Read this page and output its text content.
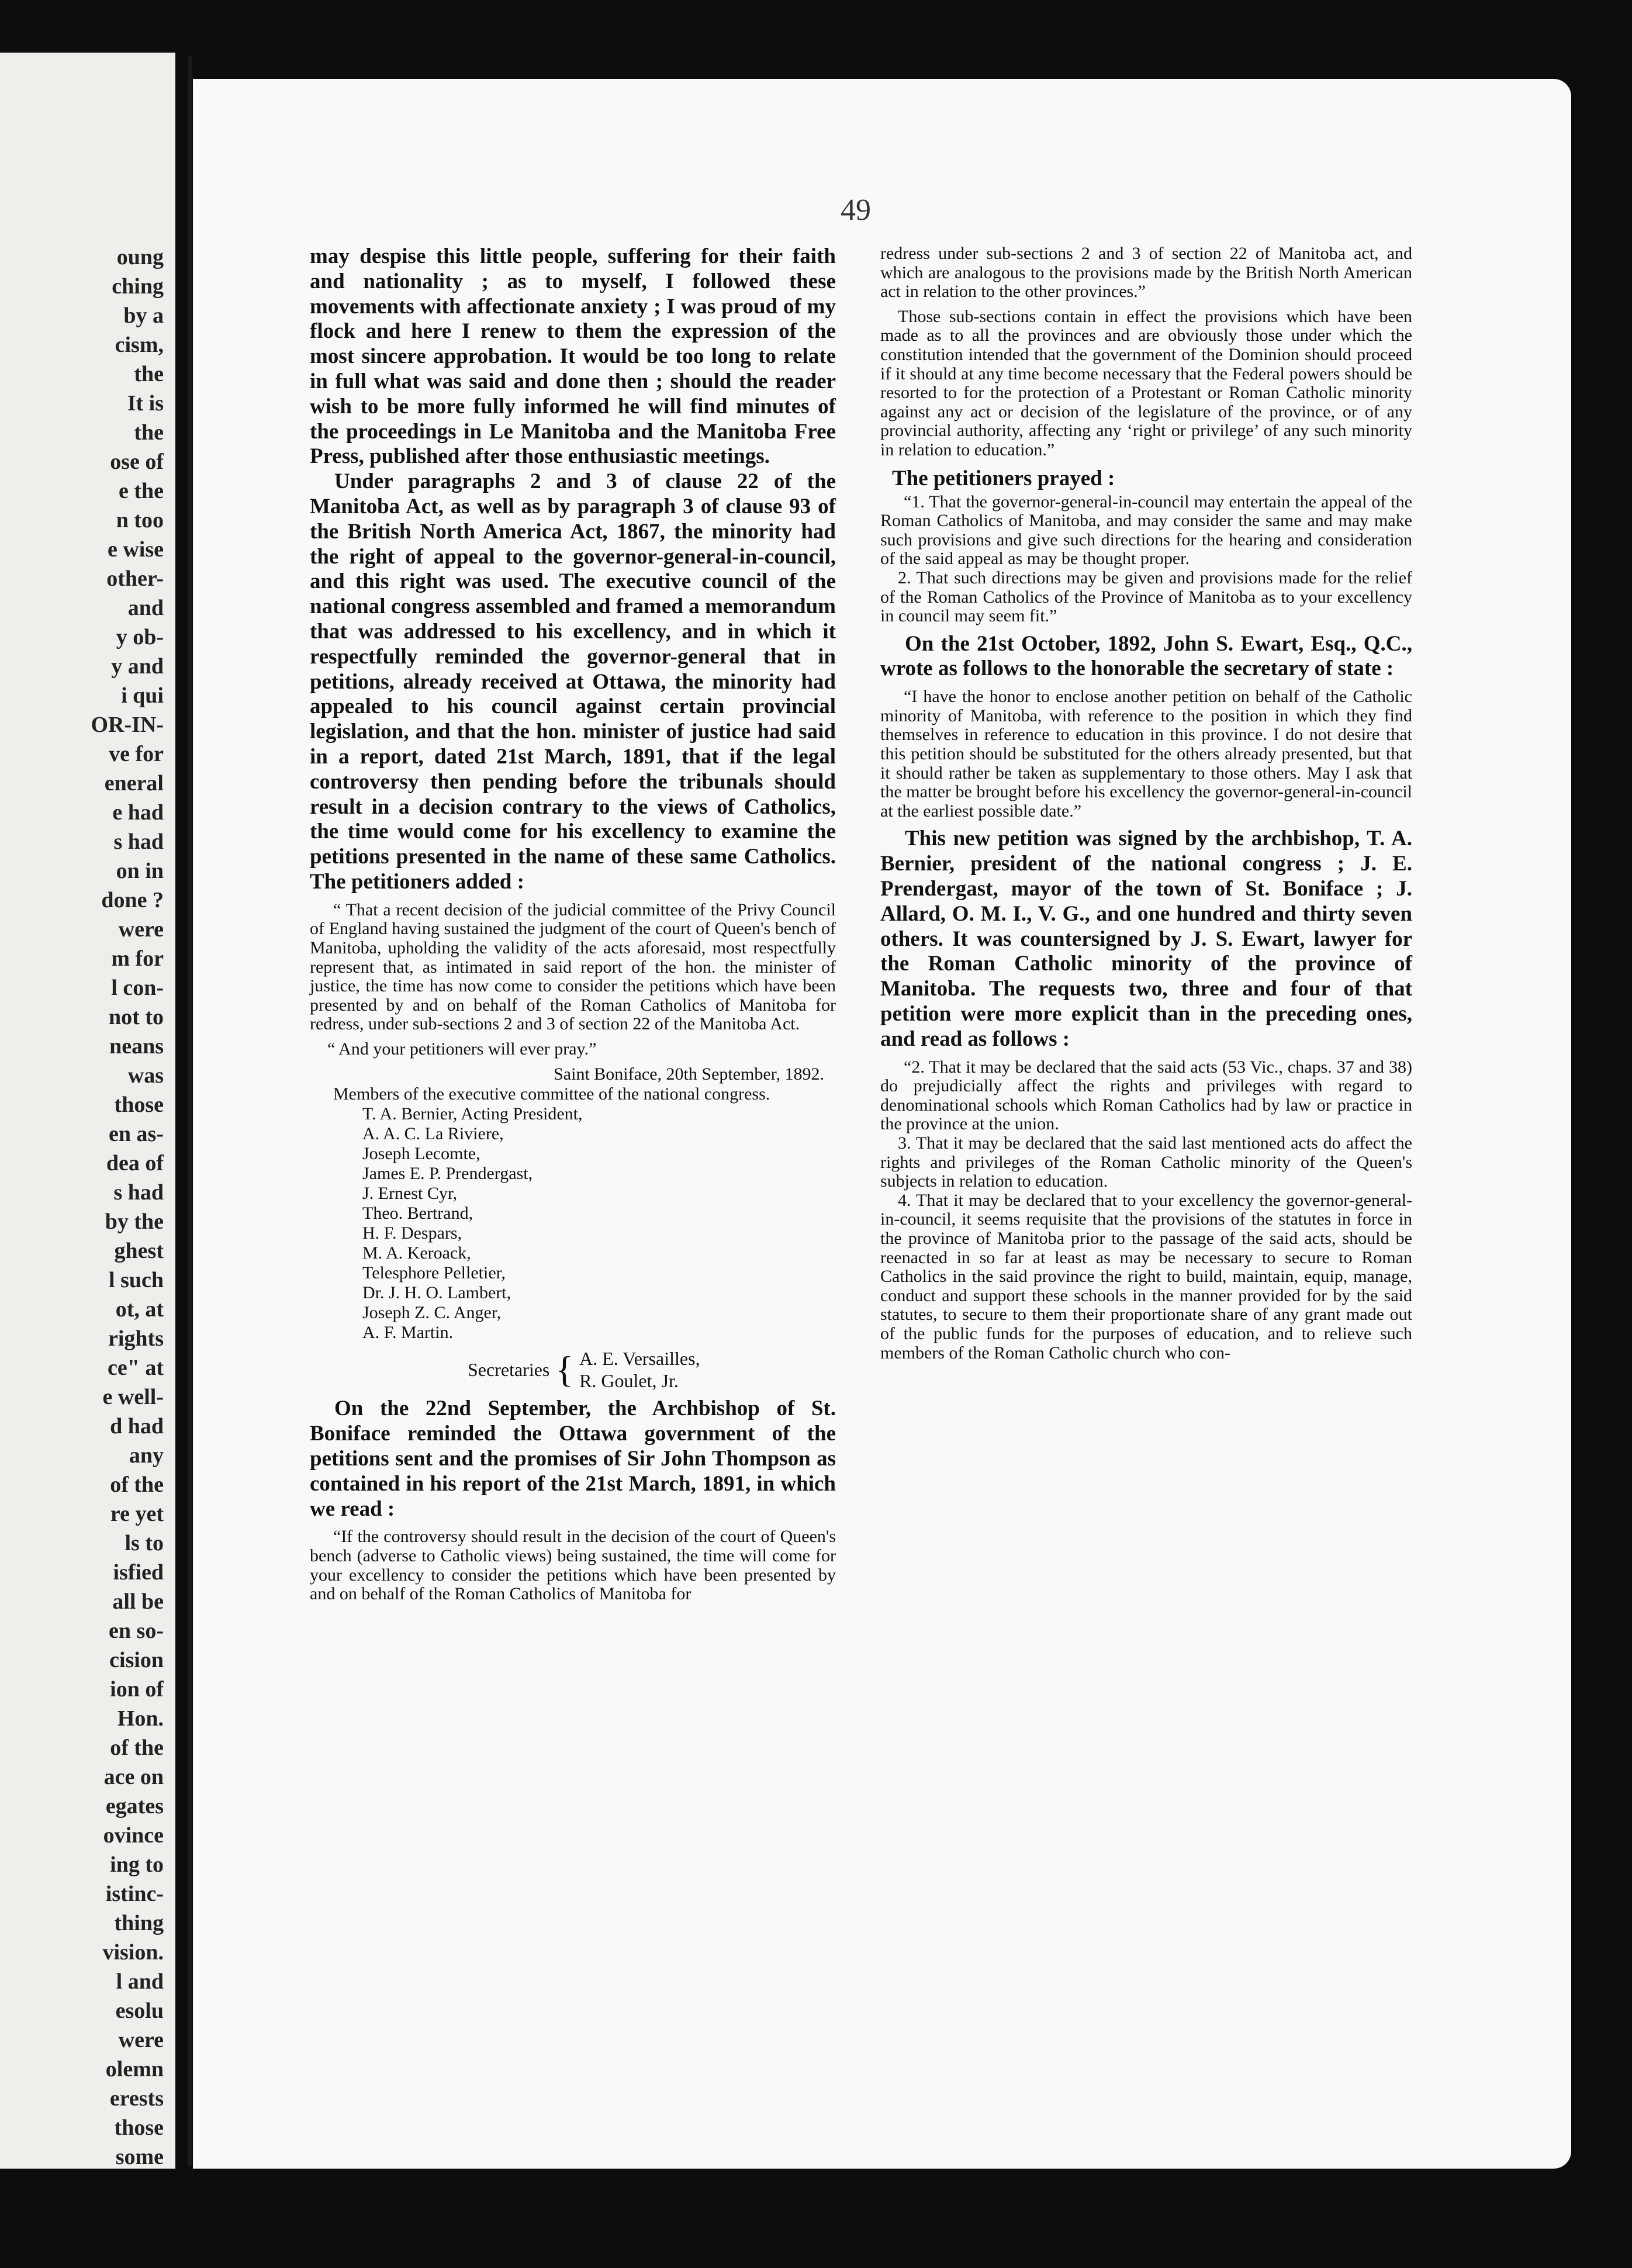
oung
ching
by a
cism,
the
It is
the
ose of
e the
n too
e wise
other-
and
y ob-
y and
i qui
OR-IN-
ve for
eneral
e had
s had
on in
done ?
were
m for
l con-
not to
neans
was
those
en as-
dea of
s had
by the
ghest
l such
ot, at
rights
ce" at
e well-
d had
any
of the
re yet
ls to
isfied
all be
en so-
cision
ion of
Hon.
of the
ace on
egates
ovince
ing to
istinc-
thing
vision.
l and
esolu
were
olemn
erests
those
some
49

may despise this little people, suffering for their faith and nationality ; as to myself, I followed these movements with affectionate anxiety ; I was proud of my flock and here I renew to them the expression of the most sincere approbation. It would be too long to relate in full what was said and done then ; should the reader wish to be more fully informed he will find minutes of the proceedings in Le Manitoba and the Manitoba Free Press, published after those enthusiastic meetings.

Under paragraphs 2 and 3 of clause 22 of the Manitoba Act, as well as by paragraph 3 of clause 93 of the British North America Act, 1867, the minority had the right of appeal to the governor-general-in-council, and this right was used. The executive council of the national congress assembled and framed a memorandum that was addressed to his excellency, and in which it respectfully reminded the governor-general that in petitions, already received at Ottawa, the minority had appealed to his council against certain provincial legislation, and that the hon. minister of justice had said in a report, dated 21st March, 1891, that if the legal controversy then pending before the tribunals should result in a decision contrary to the views of Catholics, the time would come for his excellency to examine the petitions presented in the name of these same Catholics. The petitioners added :

“ That a recent decision of the judicial committee of the Privy Council of England having sustained the judgment of the court of Queen's bench of Manitoba, upholding the validity of the acts aforesaid, most respectfully represent that, as intimated in said report of the hon. the minister of justice, the time has now come to consider the petitions which have been presented by and on behalf of the Roman Catholics of Manitoba for redress, under sub-sections 2 and 3 of section 22 of the Manitoba Act.

“ And your petitioners will ever pray.”

Saint Boniface, 20th September, 1892.

Members of the executive committee of the national congress.

T. A. Bernier, Acting President,
A. A. C. La Riviere,
Joseph Lecomte,
James E. P. Prendergast,
J. Ernest Cyr,
Theo. Bertrand,
H. F. Despars,
M. A. Keroack,
Telesphore Pelletier,
Dr. J. H. O. Lambert,
Joseph Z. C. Anger,
A. F. Martin.
Secretaries { A. E. Versailles,
R. Goulet, Jr.

On the 22nd September, the Archbishop of St. Boniface reminded the Ottawa government of the petitions sent and the promises of Sir John Thompson as contained in his report of the 21st March, 1891, in which we read :

“If the controversy should result in the decision of the court of Queen's bench (adverse to Catholic views) being sustained, the time will come for your excellency to consider the petitions which have been presented by and on behalf of the Roman Catholics of Manitoba for

redress under sub-sections 2 and 3 of section 22 of Manitoba act, and which are analogous to the provisions made by the British North American act in relation to the other provinces.”

Those sub-sections contain in effect the provisions which have been made as to all the provinces and are obviously those under which the constitution intended that the government of the Dominion should proceed if it should at any time become necessary that the Federal powers should be resorted to for the protection of a Protestant or Roman Catholic minority against any act or decision of the legislature of the province, or of any provincial authority, affecting any ‘right or privilege’ of any such minority in relation to education.”

The petitioners prayed :

“1. That the governor-general-in-council may entertain the appeal of the Roman Catholics of Manitoba, and may consider the same and may make such provisions and give such directions for the hearing and consideration of the said appeal as may be thought proper.

2. That such directions may be given and provisions made for the relief of the Roman Catholics of the Province of Manitoba as to your excellency in council may seem fit.”

On the 21st October, 1892, John S. Ewart, Esq., Q.C., wrote as follows to the honorable the secretary of state :

“I have the honor to enclose another petition on behalf of the Catholic minority of Manitoba, with reference to the position in which they find themselves in reference to education in this province. I do not desire that this petition should be substituted for the others already presented, but that it should rather be taken as supplementary to those others. May I ask that the matter be brought before his excellency the governor-general-in-council at the earliest possible date.”

This new petition was signed by the archbishop, T. A. Bernier, president of the national congress ; J. E. Prendergast, mayor of the town of St. Boniface ; J. Allard, O. M. I., V. G., and one hundred and thirty seven others. It was countersigned by J. S. Ewart, lawyer for the Roman Catholic minority of the province of Manitoba. The requests two, three and four of that petition were more explicit than in the preceding ones, and read as follows :

“2. That it may be declared that the said acts (53 Vic., chaps. 37 and 38) do prejudicially affect the rights and privileges with regard to denominational schools which Roman Catholics had by law or practice in the province at the union.

3. That it may be declared that the said last mentioned acts do affect the rights and privileges of the Roman Catholic minority of the Queen's subjects in relation to education.

4. That it may be declared that to your excellency the governor-general-in-council, it seems requisite that the provisions of the statutes in force in the province of Manitoba prior to the passage of the said acts, should be reenacted in so far at least as may be necessary to secure to Roman Catholics in the said province the right to build, maintain, equip, manage, conduct and support these schools in the manner provided for by the said statutes, to secure to them their proportionate share of any grant made out of the public funds for the purposes of education, and to relieve such members of the Roman Catholic church who con-
